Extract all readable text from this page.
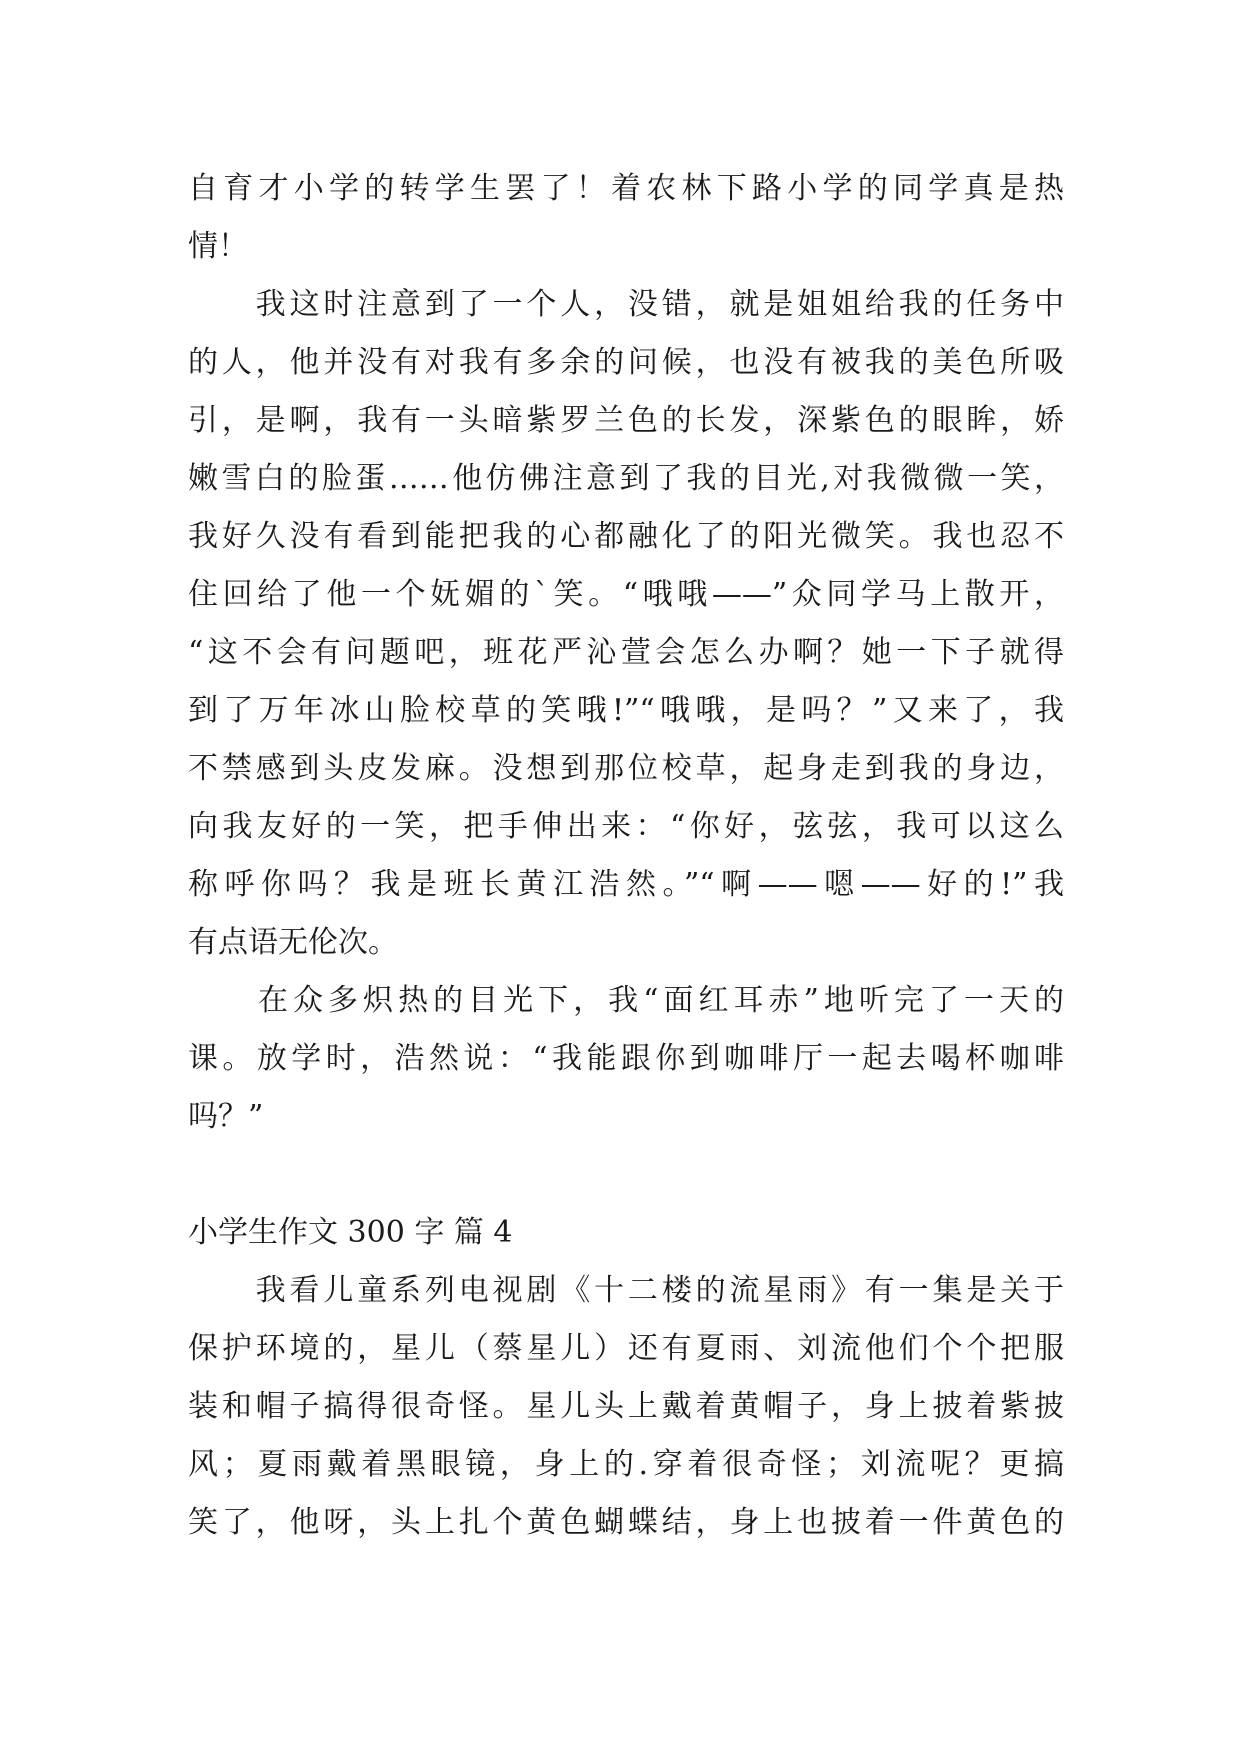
自育才小学的转学生罢了！着农林下路小学的同学真是热
情！
　　我这时注意到了一个人，没错，就是姐姐给我的任务中
的人，他并没有对我有多余的问候，也没有被我的美色所吸
引，是啊，我有一头暗紫罗兰色的长发，深紫色的眼眸，娇
嫩雪白的脸蛋……他仿佛注意到了我的目光,对我微微一笑，
我好久没有看到能把我的心都融化了的阳光微笑。我也忍不
住回给了他一个妩媚的`笑。“哦哦——”众同学马上散开，
“这不会有问题吧，班花严沁萱会怎么办啊？她一下子就得
到了万年冰山脸校草的笑哦!”“哦哦，是吗？”又来了，我
不禁感到头皮发麻。没想到那位校草，起身走到我的身边，
向我友好的一笑，把手伸出来：“你好，弦弦，我可以这么
称呼你吗？我是班长黄江浩然。”“啊——嗯——好的!”我
有点语无伦次。
　　在众多炽热的目光下，我“面红耳赤”地听完了一天的
课。放学时，浩然说：“我能跟你到咖啡厅一起去喝杯咖啡
吗？”
小学生作文 300 字 篇 4
　　我看儿童系列电视剧《十二楼的流星雨》有一集是关于
保护环境的，星儿（蔡星儿）还有夏雨、刘流他们个个把服
装和帽子搞得很奇怪。星儿头上戴着黄帽子，身上披着紫披
风；夏雨戴着黑眼镜，身上的.穿着很奇怪；刘流呢？更搞
笑了，他呀，头上扎个黄色蝴蝶结，身上也披着一件黄色的
